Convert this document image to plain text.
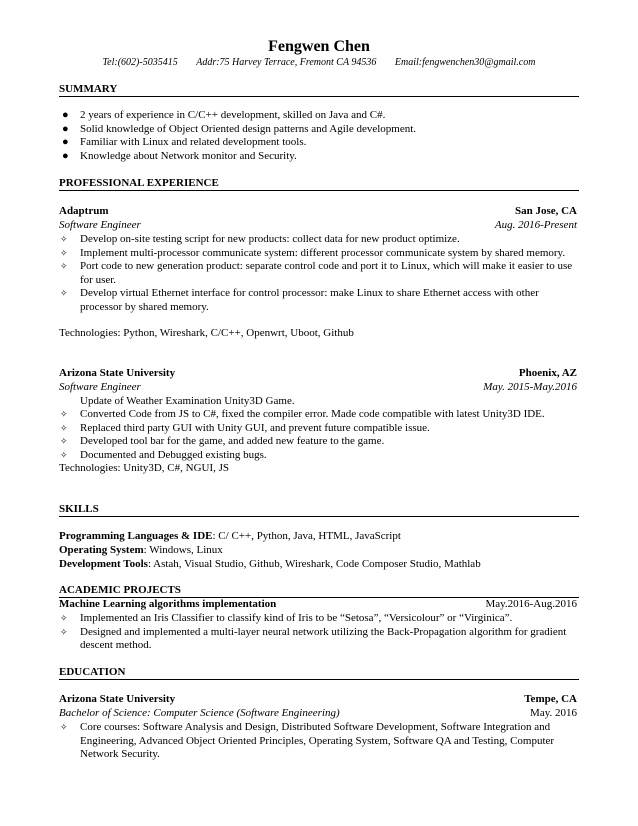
Fengwen Chen
Tel:(602)-5035415 Addr:75 Harvey Terrace, Fremont CA 94536 Email:fengwenchen30@gmail.com
SUMMARY
● 2 years of experience in C/C++ development, skilled on Java and C#.
● Solid knowledge of Object Oriented design patterns and Agile development.
● Familiar with Linux and related development tools.
● Knowledge about Network monitor and Security.
PROFESSIONAL EXPERIENCE
Adaptrum	San Jose, CA
Software Engineer	Aug. 2016-Present
✧ Develop on-site testing script for new products: collect data for new product optimize.
✧ Implement multi-processor communicate system: different processor communicate system by shared memory.
✧ Port code to new generation product: separate control code and port it to Linux, which will make it easier to use for user.
✧ Develop virtual Ethernet interface for control processor: make Linux to share Ethernet access with other processor by shared memory.
Technologies: Python, Wireshark, C/C++, Openwrt, Uboot, Github
Arizona State University	Phoenix, AZ
Software Engineer	May. 2015-May.2016
Update of Weather Examination Unity3D Game.
✧ Converted Code from JS to C#, fixed the compiler error. Made code compatible with latest Unity3D IDE.
✧ Replaced third party GUI with Unity GUI, and prevent future compatible issue.
✧ Developed tool bar for the game, and added new feature to the game.
✧ Documented and Debugged existing bugs.
Technologies: Unity3D, C#, NGUI, JS
SKILLS
Programming Languages & IDE: C/ C++, Python, Java, HTML, JavaScript
Operating System: Windows, Linux
Development Tools: Astah, Visual Studio, Github, Wireshark, Code Composer Studio, Mathlab
ACADEMIC PROJECTS
Machine Learning algorithms implementation	May.2016-Aug.2016
✧ Implemented an Iris Classifier to classify kind of Iris to be “Setosa”, “Versicolour” or “Virginica”.
✧ Designed and implemented a multi-layer neural network utilizing the Back-Propagation algorithm for gradient descent method.
EDUCATION
Arizona State University	Tempe, CA
Bachelor of Science: Computer Science (Software Engineering)	May. 2016
✧ Core courses: Software Analysis and Design, Distributed Software Development, Software Integration and Engineering, Advanced Object Oriented Principles, Operating System, Software QA and Testing, Computer Network Security.
